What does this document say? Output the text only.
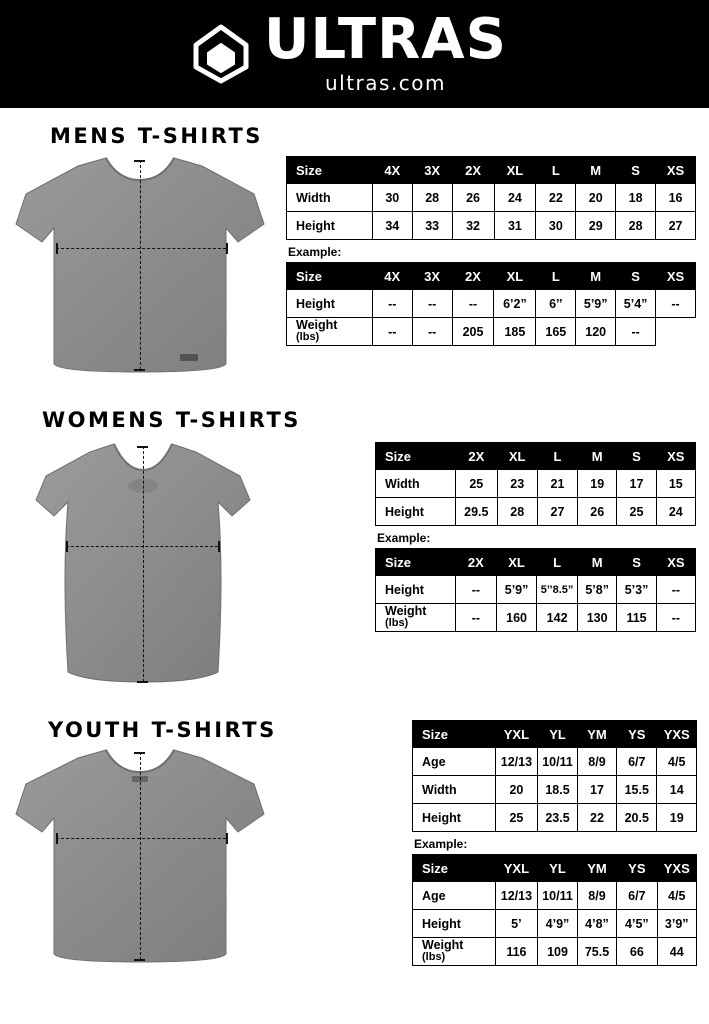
ULTRAS
ultras.com
MENS T-SHIRTS
Size	4X	3X	2X	XL	L	M	S	XS
Width	30	28	26	24	22	20	18	16
Height	34	33	32	31	30	29	28	27
Example:
Size	4X	3X	2X	XL	L	M	S	XS
Height	--	--	--	6’2”	6’’	5’9”	5’4”	--
Weight
(lbs)	--	--	205	185	165	120	--	
WOMENS T-SHIRTS
Size	2X	XL	L	M	S	XS
Width	25	23	21	19	17	15
Height	29.5	28	27	26	25	24
Example:
Size	2X	XL	L	M	S	XS
Height	--	5’9”	5’’8.5”	5’8”	5’3”	--
Weight
(lbs)	--	160	142	130	115	--
YOUTH T-SHIRTS	Size	YXL	YL	YM	YS	YXS
Age	12/13	10/11	8/9	6/7	4/5
Width	20	18.5	17	15.5	14
Height	25	23.5	22	20.5	19
Example:
Size	YXL	YL	YM	YS	YXS
Age	12/13	10/11	8/9	6/7	4/5
Height	5’	4’9”	4’8”	4’5”	3’9”
Weight
(lbs)	116	109	75.5	66	44
